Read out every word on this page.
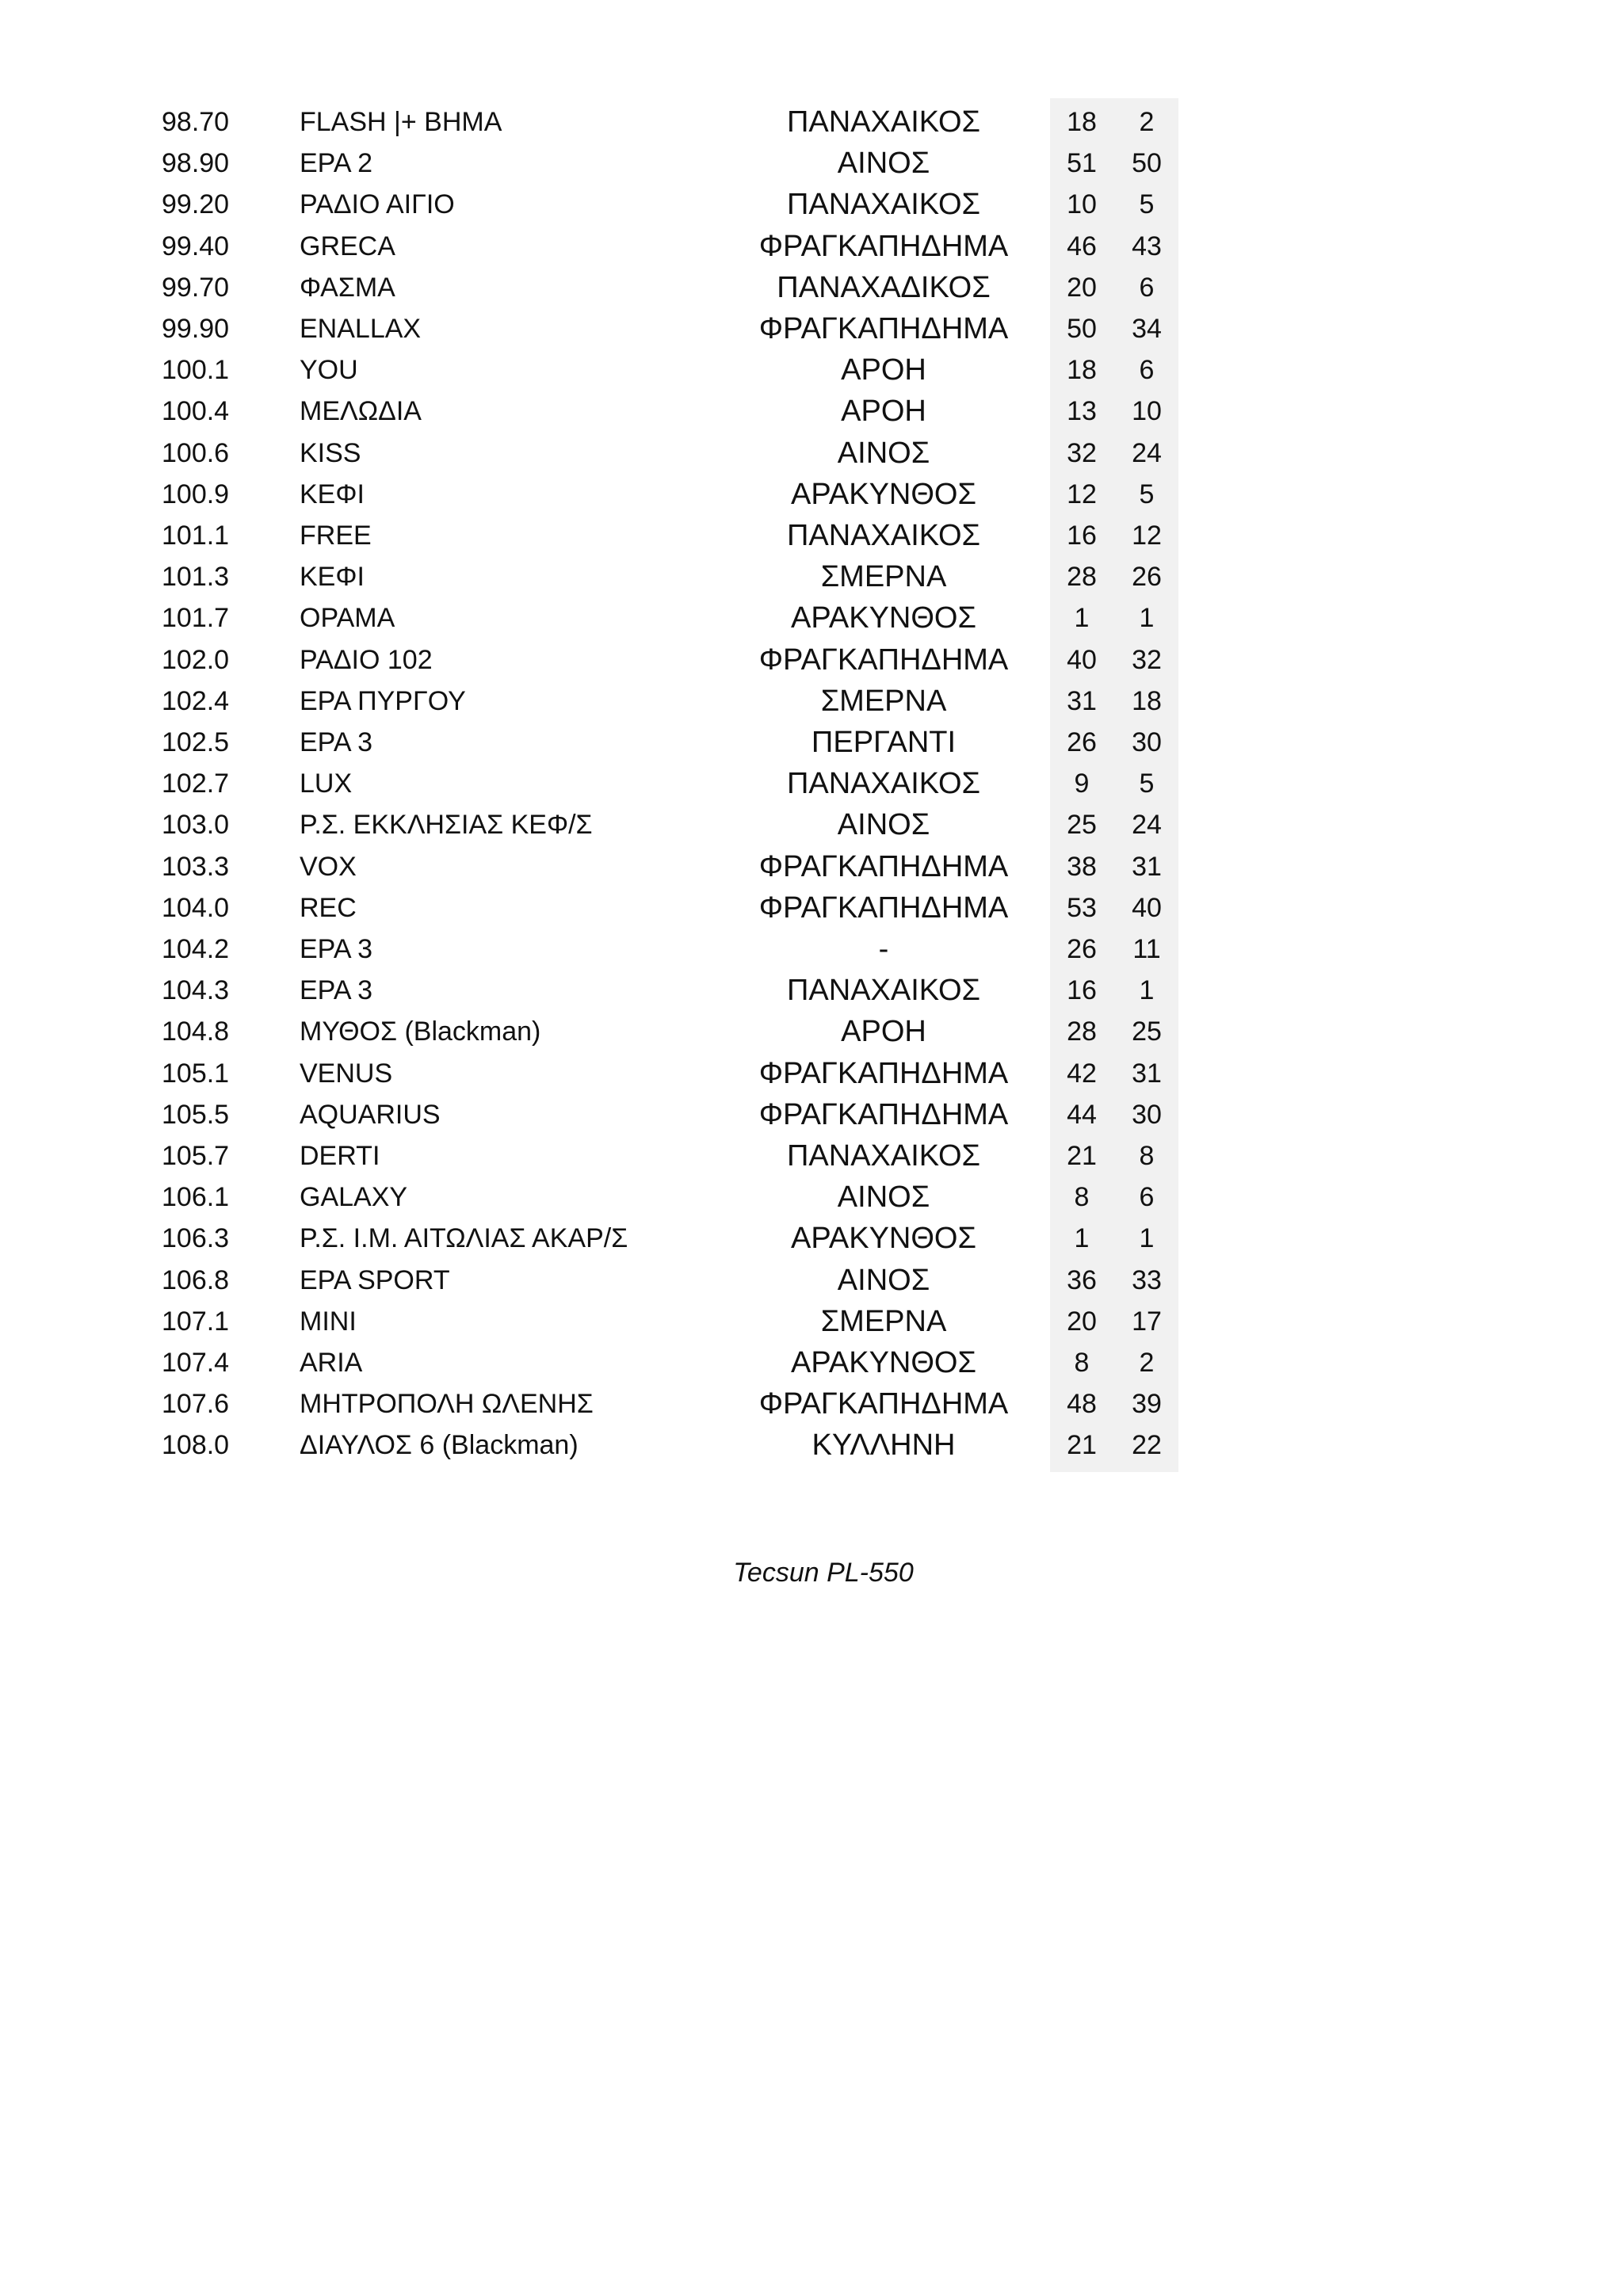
98.70	FLASH |+ ΒΗΜΑ	ΠΑΝΑΧΑΙΚΟΣ	18	2
98.90	ΕΡΑ 2	ΑΙΝΟΣ	51	50
99.20	ΡΑΔΙΟ ΑΙΓΙΟ	ΠΑΝΑΧΑΙΚΟΣ	10	5
99.40	GRECA	ΦΡΑΓΚΑΠΗΔΗΜΑ	46	43
99.70	ΦΑΣΜΑ	ΠΑΝΑΧΑΔΙΚΟΣ	20	6
99.90	ENALLAX	ΦΡΑΓΚΑΠΗΔΗΜΑ	50	34
100.1	YOU	ΑΡΟΗ	18	6
100.4	ΜΕΛΩΔΙΑ	ΑΡΟΗ	13	10
100.6	KISS	ΑΙΝΟΣ	32	24
100.9	ΚΕΦΙ	ΑΡΑΚΥΝΘΟΣ	12	5
101.1	FREE	ΠΑΝΑΧΑΙΚΟΣ	16	12
101.3	ΚΕΦΙ	ΣΜΕΡΝΑ	28	26
101.7	ΟΡΑΜΑ	ΑΡΑΚΥΝΘΟΣ	1	1
102.0	ΡΑΔΙΟ 102	ΦΡΑΓΚΑΠΗΔΗΜΑ	40	32
102.4	ΕΡΑ ΠΥΡΓΟΥ	ΣΜΕΡΝΑ	31	18
102.5	ΕΡΑ 3	ΠΕΡΓΑΝΤΙ	26	30
102.7	LUX	ΠΑΝΑΧΑΙΚΟΣ	9	5
103.0	Ρ.Σ. ΕΚΚΛΗΣΙΑΣ ΚΕΦ/Σ	ΑΙΝΟΣ	25	24
103.3	VOX	ΦΡΑΓΚΑΠΗΔΗΜΑ	38	31
104.0	REC	ΦΡΑΓΚΑΠΗΔΗΜΑ	53	40
104.2	ΕΡΑ 3	-	26	11
104.3	ΕΡΑ 3	ΠΑΝΑΧΑΙΚΟΣ	16	1
104.8	ΜΥΘΟΣ (Blackman)	ΑΡΟΗ	28	25
105.1	VENUS	ΦΡΑΓΚΑΠΗΔΗΜΑ	42	31
105.5	AQUARIUS	ΦΡΑΓΚΑΠΗΔΗΜΑ	44	30
105.7	DERTI	ΠΑΝΑΧΑΙΚΟΣ	21	8
106.1	GALAXY	ΑΙΝΟΣ	8	6
106.3	Ρ.Σ. Ι.Μ. ΑΙΤΩΛΙΑΣ ΑΚΑΡ/Σ	ΑΡΑΚΥΝΘΟΣ	1	1
106.8	ΕΡΑ SPORT	ΑΙΝΟΣ	36	33
107.1	MINI	ΣΜΕΡΝΑ	20	17
107.4	ARIA	ΑΡΑΚΥΝΘΟΣ	8	2
107.6	ΜΗΤΡΟΠΟΛΗ ΩΛΕΝΗΣ	ΦΡΑΓΚΑΠΗΔΗΜΑ	48	39
108.0	ΔΙΑΥΛΟΣ 6 (Blackman)	ΚΥΛΛΗΝΗ	21	22
Tecsun PL-550
